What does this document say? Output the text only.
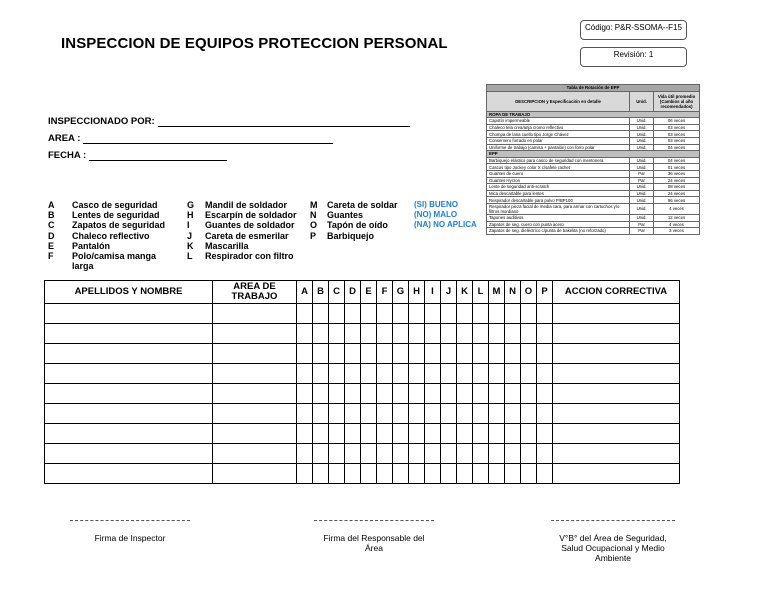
INSPECCION DE EQUIPOS PROTECCION PERSONAL
Código: P&R-SSOMA--F15
Revisión: 1
INSPECCIONADO POR:
AREA :
FECHA :
A	Casco de seguridad
B	Lentes de seguridad
C	Zapatos de seguridad
D	Chaleco reflectivo
E	Pantalón
F	Polo/camisa manga larga
G	Mandil de soldador
H	Escarpín de soldador
I	Guantes de soldador
J	Careta de esmerilar
K	Mascarilla
L	Respirador con filtro
M	Careta de soldar
N	Guantes
O	Tapón de oído
P	Barbiquejo
(SI) BUENO
(NO) MALO
(NA) NO APLICA
Tabla de Rotación de EPP		
DESCRIPCION y Especificación en detalle	Unid.	Vida útil promedio (Cambios al año recomendados)
ROPA DE TRABAJO		
Capotín impermeable	Unid.	06 veces
Chaleco tela crea/anja cromo reflectivo	Unid.	03 veces
Chompa de lana cuello tipo Jorge Chávez	Unid.	03 veces
Conservero forrado en polar	Unid.	03 veces
Uniforme de trabajo (camisa + pantalón) con forro polar	Unid.	04 veces
EPP		
Barbiquejo elástico para casco de seguridad con mentonera	Unid.	04 veces
Cascos tipo Jockey color X c/safete rachet	Unid.	01 veces
Guantes de cuero	Par	36 veces
Guantes Hycron	Par	24 veces
Lente de seguridad anti-scratch	Unid.	08 veces
Mica descartable para lentes	Unid.	24 veces
Respirador descartable para polvo P/BP100	Unid.	96 veces
Respirador pieza facial de media cara, para armar con cartuchos y/o filtros mordiano	Unid.	4 veces
Tapones auditivos	Unid.	12 veces
Zapatos de seg. cuero con punta acero	Par	4 veces
Zapatos de seg. dieléctrico c/punta de bakelita (no reforzado)	Par	3 veces
APELLIDOS Y NOMBRE	AREA DE TRABAJO	A	B	C	D	E	F	G	H	I	J	K	L	M	N	O	P	ACCION CORRECTIVA

Firma de Inspector	Firma del Responsable del Área
V°B° del Área de Seguridad, Salud Ocupacional y Medio Ambiente
